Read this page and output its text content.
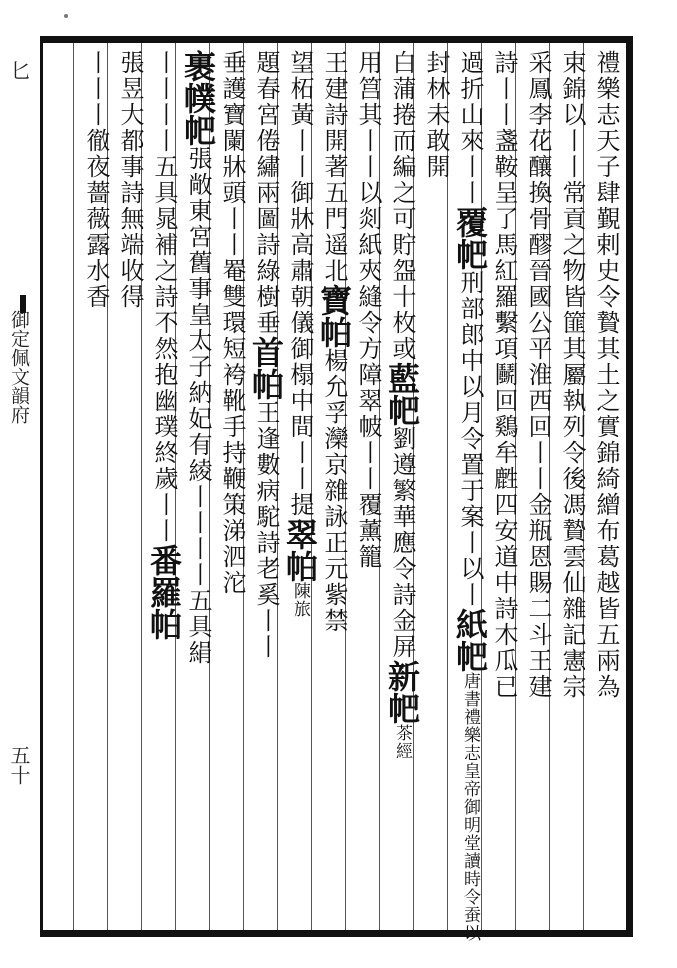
匕
御定佩文韻府
五十
禮樂志天子肆覲剌史令贄其土之實錦綺繒布葛越皆五兩為
束錦以丨丨常貢之物皆篚其屬執列令後馮贄雲仙雜記憲宗
采鳳李花釀換骨醪晉國公平淮西回丨丨金瓶恩賜二斗王建
詩丨丨盞鞍呈了馬紅羅繫項鬭回鷄牟𪊟四安道中詩木瓜已
過折山來丨丨覆帊刑部郎中以月令置于案丨以丨紙帊唐書禮樂志皇帝御明堂讀時令蚕以
封林未敢開
白蒲捲而編之可貯盌十枚或藍帊劉遵繁華應令詩金屏新帊茶經
用筥其丨丨以剡紙夾縫令方障翠帔丨丨覆薰籠
王建詩開著五門遥北寶帕楊允孚灤京雜詠正元紫禁
望柘黃丨丨御牀高肅朝儀御榻中間丨丨提翠帕陳旅
題春宮倦繡兩圖詩綠樹垂首帕王逢數病駝詩老奚丨丨
垂護寶闌牀頭丨丨罨雙環短袴靴手持鞭策涕泗沱
裹幞帊張敞東宮舊事皇太子納妃有綾丨丨丨丨五具絹
丨丨丨丨五具晁補之詩不然抱幽璞終歲丨丨番羅帕
張昱大都事詩無端收得
丨丨丨徹夜薔薇露水香
